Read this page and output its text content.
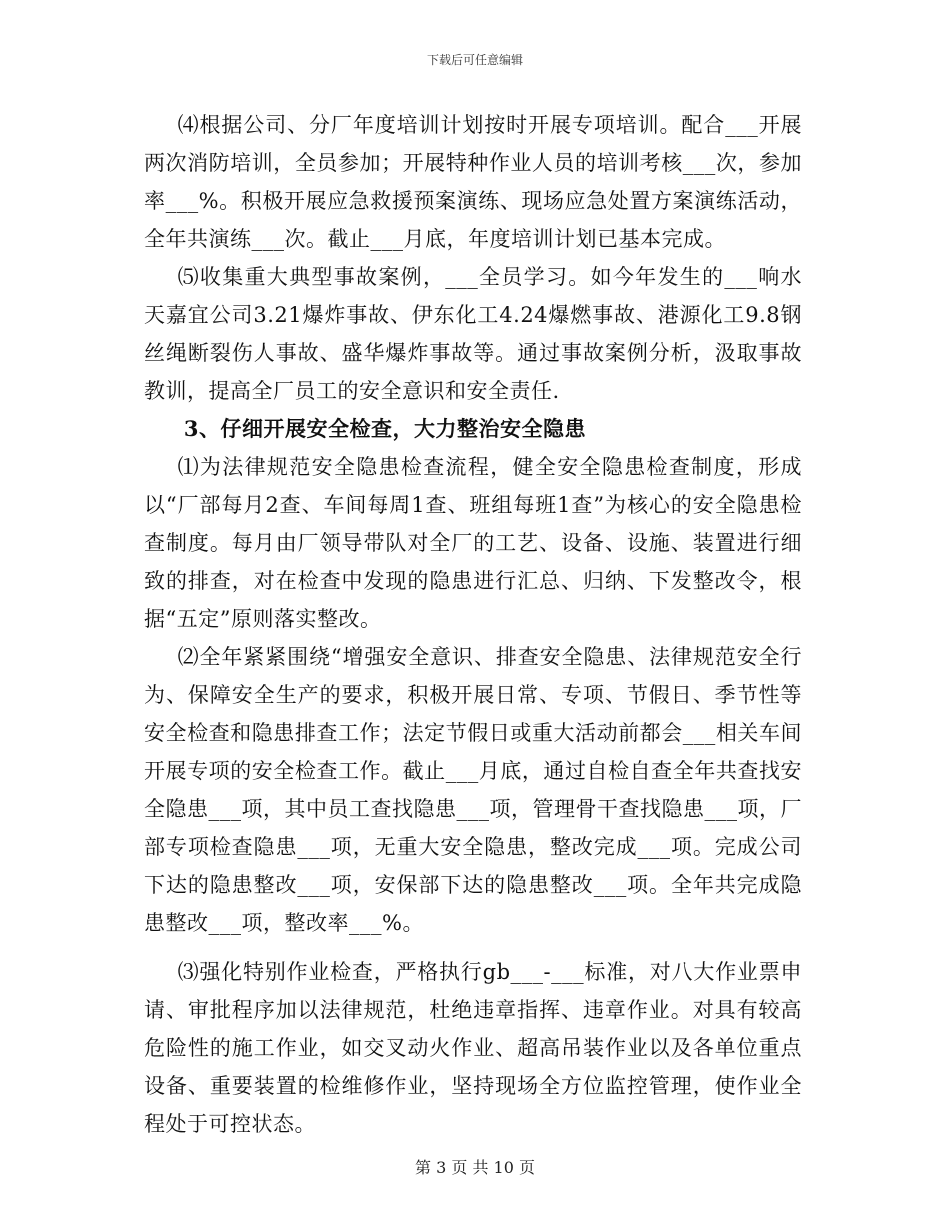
下载后可任意编辑

⑷根据公司、分厂年度培训计划按时开展专项培训。配合___开展两次消防培训，全员参加；开展特种作业人员的培训考核___次，参加率___%。积极开展应急救援预案演练、现场应急处置方案演练活动，全年共演练___次。截止___月底，年度培训计划已基本完成。

⑸收集重大典型事故案例，___全员学习。如今年发生的___响水天嘉宜公司3.21爆炸事故、伊东化工4.24爆燃事故、港源化工9.8钢丝绳断裂伤人事故、盛华爆炸事故等。通过事故案例分析，汲取事故教训，提高全厂员工的安全意识和安全责任.

3、仔细开展安全检查，大力整治安全隐患

⑴为法律规范安全隐患检查流程，健全安全隐患检查制度，形成以“厂部每月2查、车间每周1查、班组每班1查”为核心的安全隐患检查制度。每月由厂领导带队对全厂的工艺、设备、设施、装置进行细致的排查，对在检查中发现的隐患进行汇总、归纳、下发整改令，根据“五定”原则落实整改。

⑵全年紧紧围绕“增强安全意识、排查安全隐患、法律规范安全行为、保障安全生产的要求，积极开展日常、专项、节假日、季节性等安全检查和隐患排查工作；法定节假日或重大活动前都会___相关车间开展专项的安全检查工作。截止___月底，通过自检自查全年共查找安全隐患___项，其中员工查找隐患___项，管理骨干查找隐患___项，厂部专项检查隐患___项，无重大安全隐患，整改完成___项。完成公司下达的隐患整改___项，安保部下达的隐患整改___项。全年共完成隐患整改___项，整改率___%。

⑶强化特别作业检查，严格执行gb___-___标准，对八大作业票申请、审批程序加以法律规范，杜绝违章指挥、违章作业。对具有较高危险性的施工作业，如交叉动火作业、超高吊装作业以及各单位重点设备、重要装置的检维修作业，坚持现场全方位监控管理，使作业全程处于可控状态。

第 3 页 共 10 页
